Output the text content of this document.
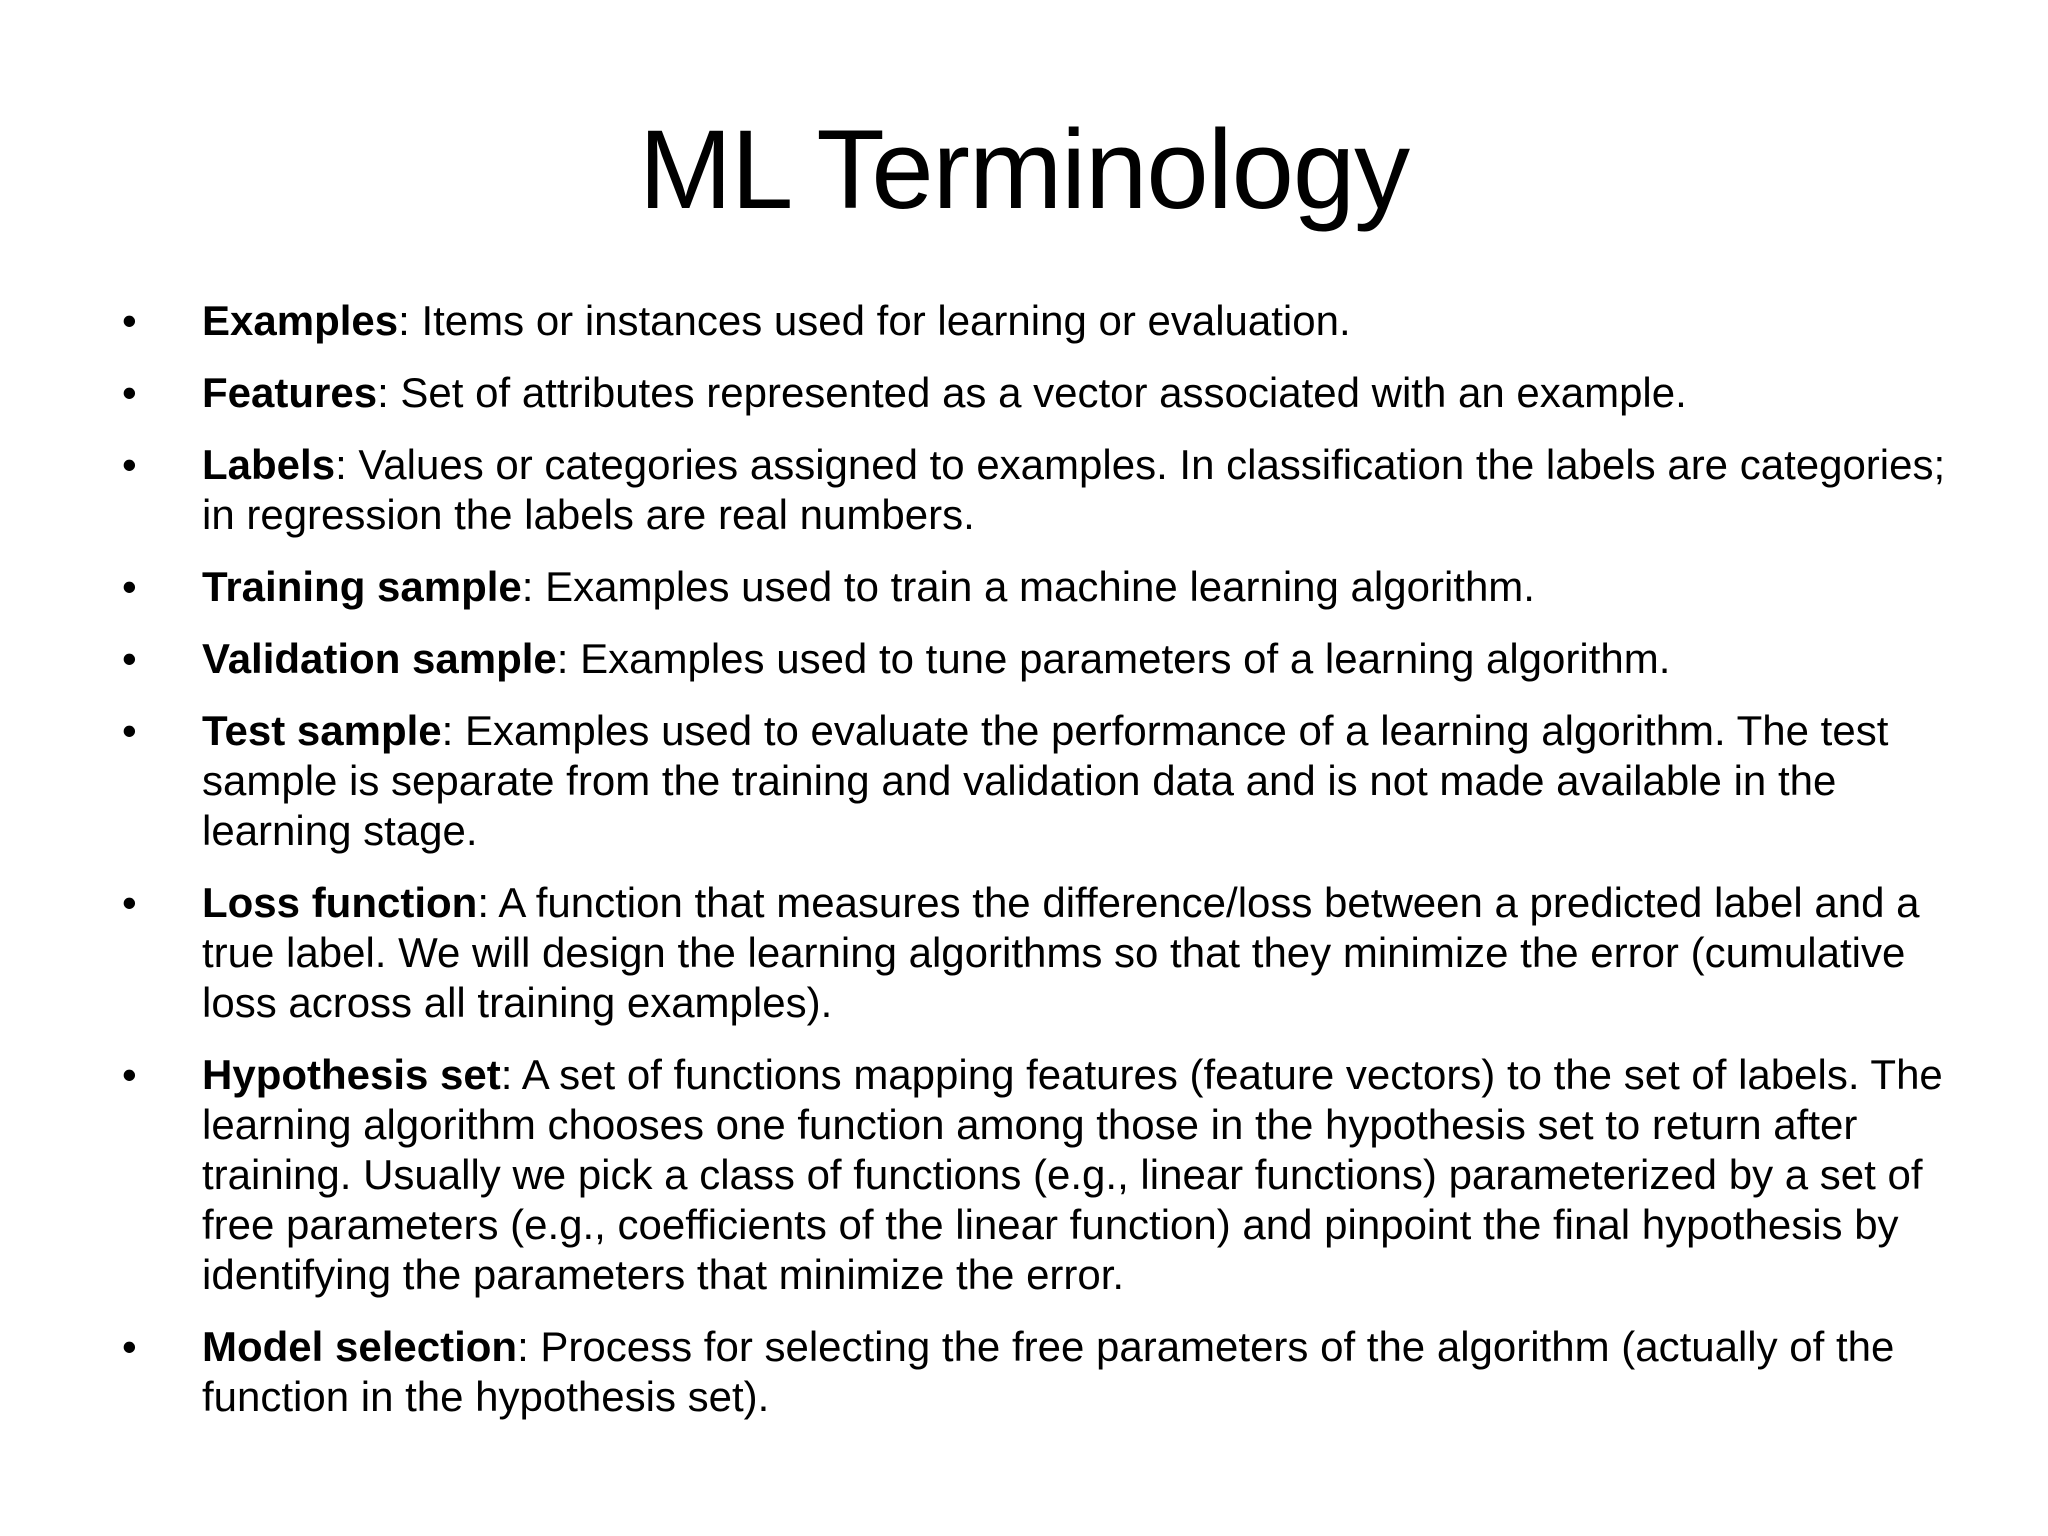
ML Terminology
•	Examples: Items or instances used for learning or evaluation.
•	Features: Set of attributes represented as a vector associated with an example.
•	Labels: Values or categories assigned to examples. In classification the labels are categories; in regression the labels are real numbers.
•	Training sample: Examples used to train a machine learning algorithm.
•	Validation sample: Examples used to tune parameters of a learning algorithm.
•	Test sample: Examples used to evaluate the performance of a learning algorithm. The test sample is separate from the training and validation data and is not made available in the learning stage.
•	Loss function: A function that measures the difference/loss between a predicted label and a true label. We will design the learning algorithms so that they minimize the error (cumulative loss across all training examples).
•	Hypothesis set: A set of functions mapping features (feature vectors) to the set of labels. The learning algorithm chooses one function among those in the hypothesis set to return after training. Usually we pick a class of functions (e.g., linear functions) parameterized by a set of free parameters (e.g., coefficients of the linear function) and pinpoint the final hypothesis by identifying the parameters that minimize the error.
•	Model selection: Process for selecting the free parameters of the algorithm (actually of the function in the hypothesis set).
